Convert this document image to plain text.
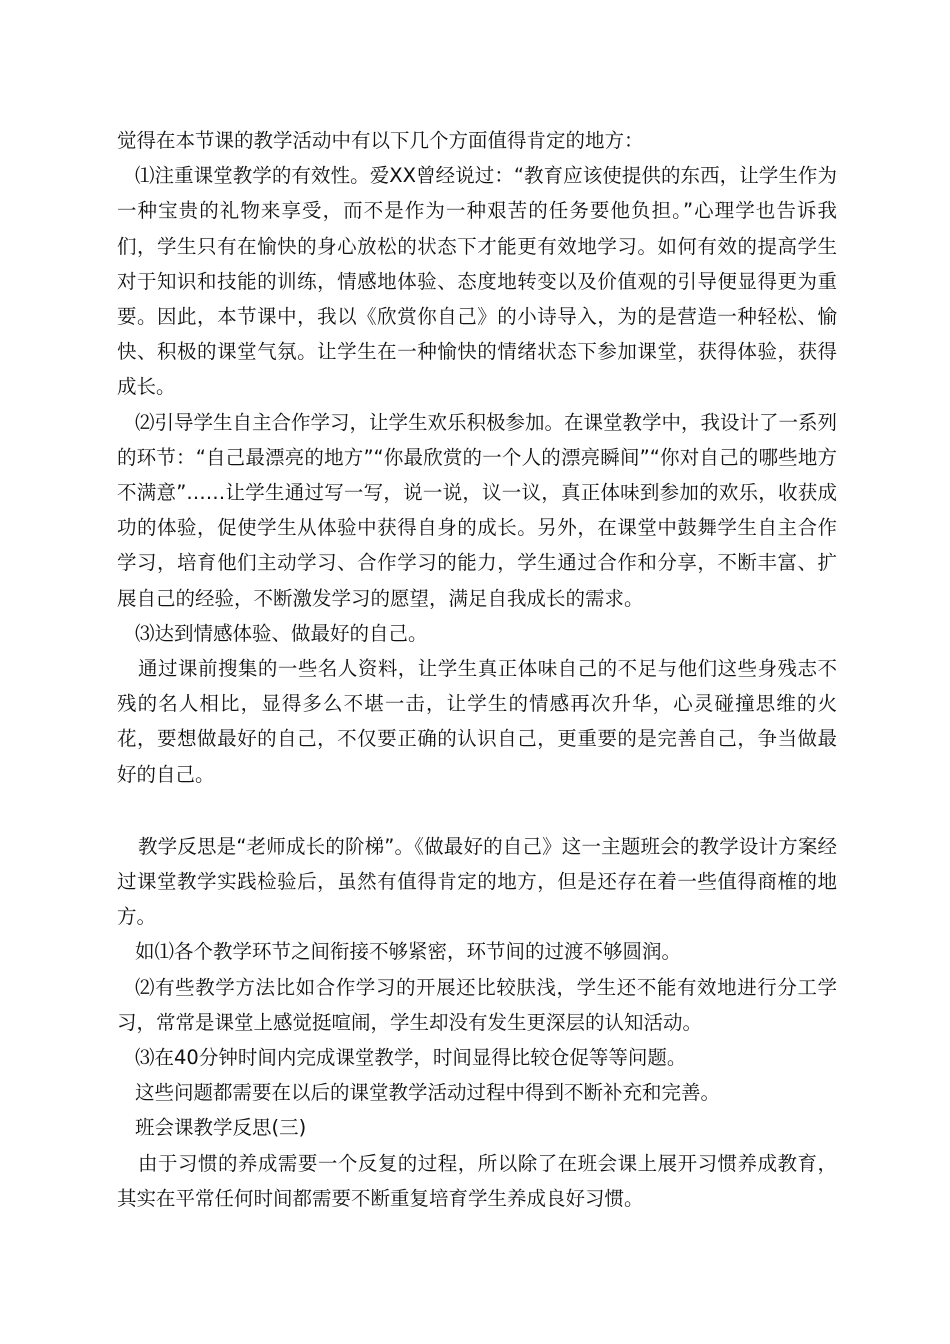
觉得在本节课的教学活动中有以下几个方面值得肯定的地方：

⑴注重课堂教学的有效性。爱XX曾经说过：“教育应该使提供的东西，让学生作为一种宝贵的礼物来享受，而不是作为一种艰苦的任务要他负担。”心理学也告诉我们，学生只有在愉快的身心放松的状态下才能更有效地学习。如何有效的提高学生对于知识和技能的训练，情感地体验、态度地转变以及价值观的引导便显得更为重要。因此，本节课中，我以《欣赏你自己》的小诗导入，为的是营造一种轻松、愉快、积极的课堂气氛。让学生在一种愉快的情绪状态下参加课堂，获得体验，获得成长。

⑵引导学生自主合作学习，让学生欢乐积极参加。在课堂教学中，我设计了一系列的环节：“自己最漂亮的地方”“你最欣赏的一个人的漂亮瞬间”“你对自己的哪些地方不满意”……让学生通过写一写，说一说，议一议，真正体味到参加的欢乐，收获成功的体验，促使学生从体验中获得自身的成长。另外，在课堂中鼓舞学生自主合作学习，培育他们主动学习、合作学习的能力，学生通过合作和分享，不断丰富、扩展自己的经验，不断激发学习的愿望，满足自我成长的需求。

⑶达到情感体验、做最好的自己。

通过课前搜集的一些名人资料，让学生真正体味自己的不足与他们这些身残志不残的名人相比，显得多么不堪一击，让学生的情感再次升华，心灵碰撞思维的火花，要想做最好的自己，不仅要正确的认识自己，更重要的是完善自己，争当做最好的自己。

教学反思是“老师成长的阶梯”。《做最好的自己》这一主题班会的教学设计方案经过课堂教学实践检验后，虽然有值得肯定的地方，但是还存在着一些值得商榷的地方。

如⑴各个教学环节之间衔接不够紧密，环节间的过渡不够圆润。

⑵有些教学方法比如合作学习的开展还比较肤浅，学生还不能有效地进行分工学习，常常是课堂上感觉挺喧闹，学生却没有发生更深层的认知活动。

⑶在40分钟时间内完成课堂教学，时间显得比较仓促等等问题。

这些问题都需要在以后的课堂教学活动过程中得到不断补充和完善。

班会课教学反思(三)

由于习惯的养成需要一个反复的过程，所以除了在班会课上展开习惯养成教育，其实在平常任何时间都需要不断重复培育学生养成良好习惯。
